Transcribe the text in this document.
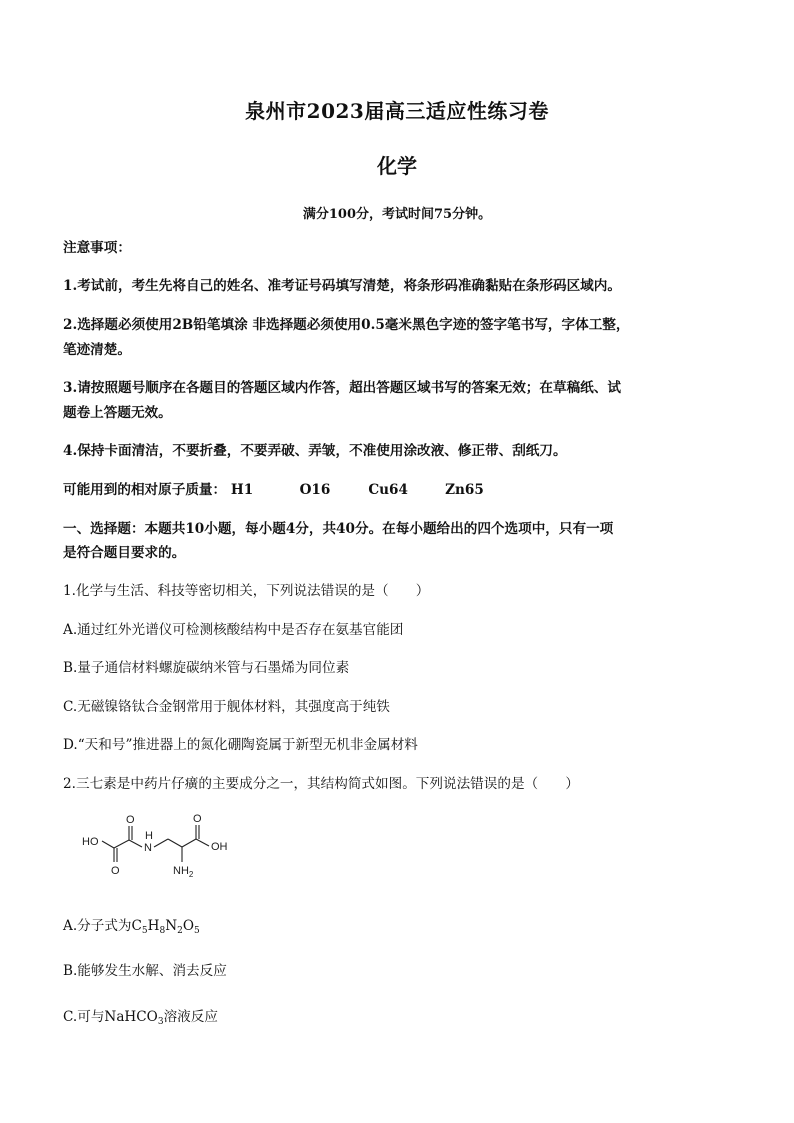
泉州市2023届高三适应性练习卷
化学
满分100分，考试时间75分钟。
注意事项：
1.考试前，考生先将自己的姓名、准考证号码填写清楚，将条形码准确黏贴在条形码区域内。
2.选择题必须使用2B铅笔填涂 非选择题必须使用0.5毫米黑色字迹的签字笔书写，字体工整，
笔迹清楚。
3.请按照题号顺序在各题目的答题区域内作答，超出答题区域书写的答案无效；在草稿纸、试
题卷上答题无效。
4.保持卡面清洁，不要折叠，不要弄破、弄皱，不准使用涂改液、修正带、刮纸刀。
可能用到的相对原子质量： H1	O16	Cu64	Zn65
一、选择题：本题共10小题，每小题4分，共40分。在每小题给出的四个选项中，只有一项
是符合题目要求的。
1.化学与生活、科技等密切相关，下列说法错误的是（　　）
A.通过红外光谱仪可检测核酸结构中是否存在氨基官能团
B.量子通信材料螺旋碳纳米管与石墨烯为同位素
C.无磁镍铬钛合金钢常用于舰体材料，其强度高于纯铁
D.“天和号”推进器上的氮化硼陶瓷属于新型无机非金属材料
2.三七素是中药片仔癀的主要成分之一，其结构简式如图。下列说法错误的是（　　）
HO
O
O
N
H
O
OH
$NH_2$
A.分子式为$C_5H_8N_2O_5$
B.能够发生水解、消去反应
C.可与NaHCO$_3$溶液反应
